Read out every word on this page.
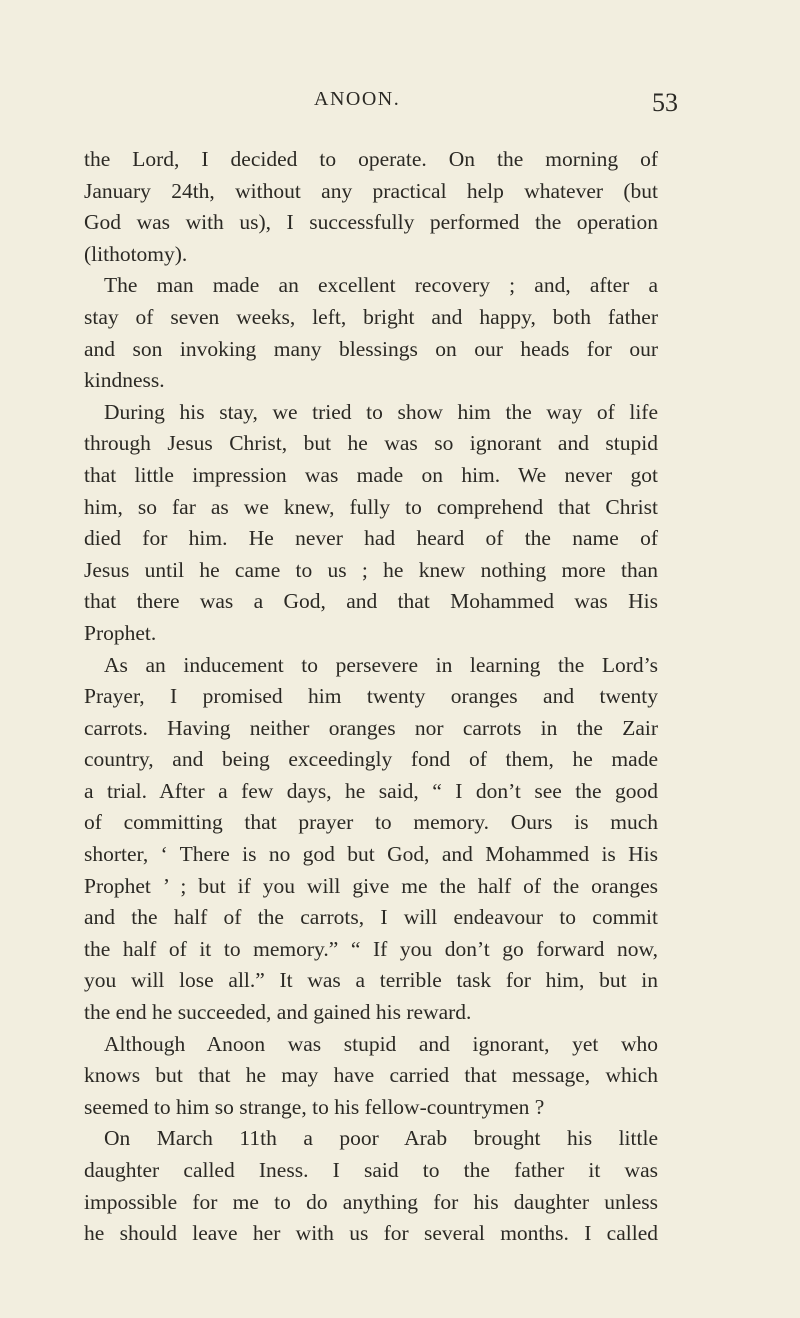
ANOON.	53
the Lord, I decided to operate. On the morning of
January 24th, without any practical help whatever (but
God was with us), I successfully performed the operation
(lithotomy).
The man made an excellent recovery ; and, after a
stay of seven weeks, left, bright and happy, both father
and son invoking many blessings on our heads for our
kindness.
During his stay, we tried to show him the way of life
through Jesus Christ, but he was so ignorant and stupid
that little impression was made on him. We never got
him, so far as we knew, fully to comprehend that Christ
died for him. He never had heard of the name of
Jesus until he came to us ; he knew nothing more than
that there was a God, and that Mohammed was His
Prophet.
As an inducement to persevere in learning the Lord’s
Prayer, I promised him twenty oranges and twenty
carrots. Having neither oranges nor carrots in the Zair
country, and being exceedingly fond of them, he made
a trial. After a few days, he said, “ I don’t see the good
of committing that prayer to memory. Ours is much
shorter, ‘ There is no god but God, and Mohammed is His
Prophet ’ ; but if you will give me the half of the oranges
and the half of the carrots, I will endeavour to commit
the half of it to memory.” “ If you don’t go forward now,
you will lose all.” It was a terrible task for him, but in
the end he succeeded, and gained his reward.
Although Anoon was stupid and ignorant, yet who
knows but that he may have carried that message, which
seemed to him so strange, to his fellow-countrymen ?
On March 11th a poor Arab brought his little
daughter called Iness. I said to the father it was
impossible for me to do anything for his daughter unless
he should leave her with us for several months. I called
